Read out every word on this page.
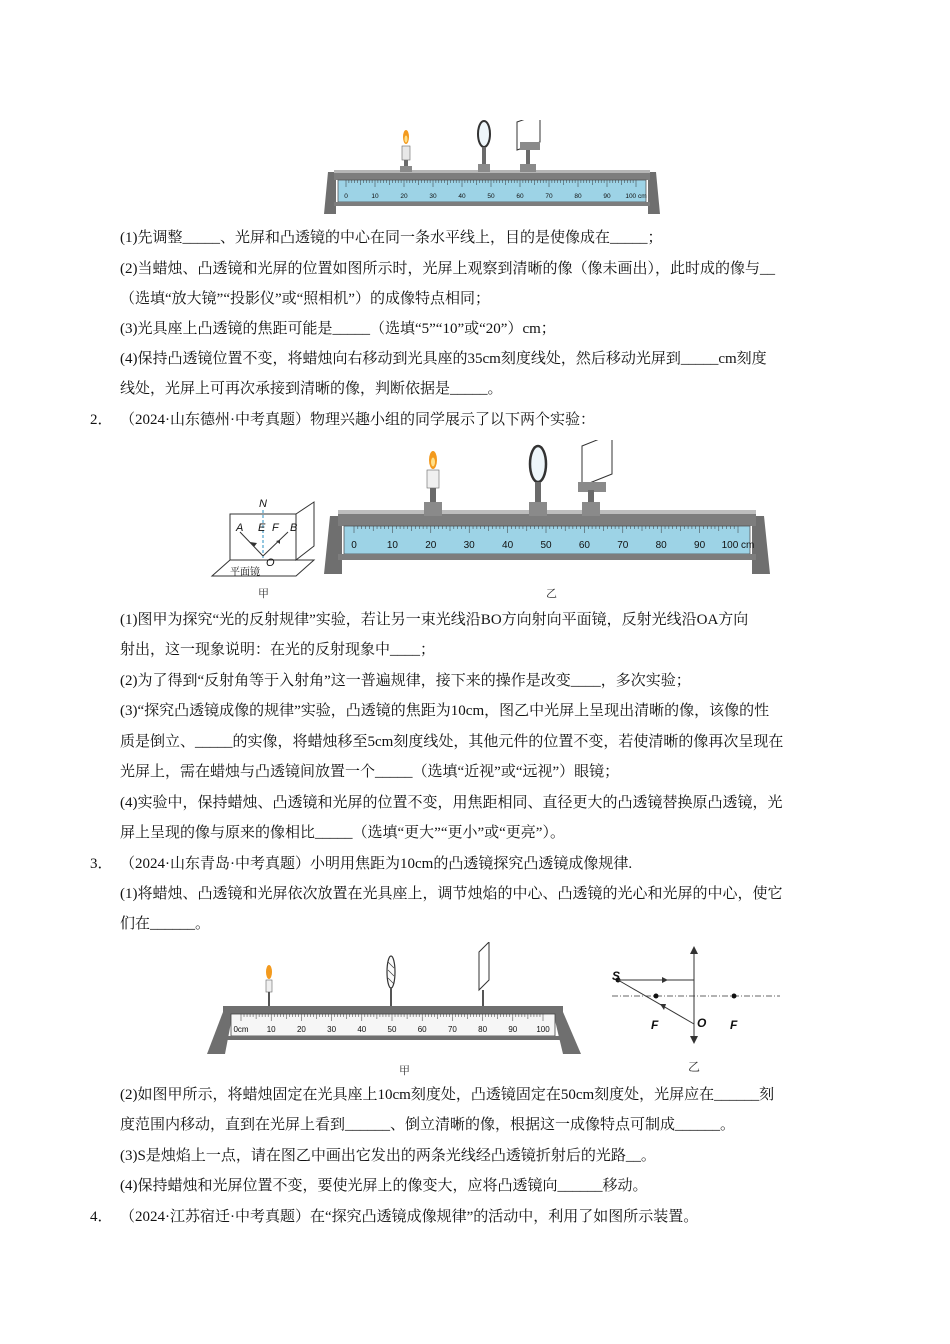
0	10	20	30	40	50	60	70	80	90 100 cm
(1)先调整_____、光屏和凸透镜的中心在同一条水平线上，目的是使像成在_____；
(2)当蜡烛、凸透镜和光屏的位置如图所示时，光屏上观察到清晰的像（像未画出），此时成的像与__
（选填“放大镜”“投影仪”或“照相机”）的成像特点相同；
(3)光具座上凸透镜的焦距可能是_____（选填“5”“10”或“20”）cm；
(4)保持凸透镜位置不变，将蜡烛向右移动到光具座的35cm刻度线处，然后移动光屏到_____cm刻度
线处，光屏上可再次承接到清晰的像，判断依据是_____。
2． （2024·山东德州·中考真题）物理兴趣小组的同学展示了以下两个实验：
N
A E F B
O
平面镜
甲
0	10	20	30	40	50	60	70	80	90 100 cm
乙
(1)图甲为探究“光的反射规律”实验，若让另一束光线沿BO方向射向平面镜，反射光线沿OA方向
射出，这一现象说明：在光的反射现象中____；
(2)为了得到“反射角等于入射角”这一普遍规律，接下来的操作是改变____，多次实验；
(3)“探究凸透镜成像的规律”实验，凸透镜的焦距为10cm，图乙中光屏上呈现出清晰的像，该像的性
质是倒立、_____的实像，将蜡烛移至5cm刻度线处，其他元件的位置不变，若使清晰的像再次呈现在
光屏上，需在蜡烛与凸透镜间放置一个_____（选填“近视”或“远视”）眼镜；
(4)实验中，保持蜡烛、凸透镜和光屏的位置不变，用焦距相同、直径更大的凸透镜替换原凸透镜，光
屏上呈现的像与原来的像相比_____（选填“更大”“更小”或“更亮”）。
3． （2024·山东青岛·中考真题）小明用焦距为10cm的凸透镜探究凸透镜成像规律.
(1)将蜡烛、凸透镜和光屏依次放置在光具座上，调节烛焰的中心、凸透镜的光心和光屏的中心，使它
们在______。
0cm 10	20	30	40	50	60	70	80	90 100
甲
S
F	O F
乙
(2)如图甲所示，将蜡烛固定在光具座上10cm刻度处，凸透镜固定在50cm刻度处，光屏应在______刻
度范围内移动，直到在光屏上看到______、倒立清晰的像，根据这一成像特点可制成______。
(3)S是烛焰上一点，请在图乙中画出它发出的两条光线经凸透镜折射后的光路__。
(4)保持蜡烛和光屏位置不变，要使光屏上的像变大，应将凸透镜向______移动。
4． （2024·江苏宿迁·中考真题）在“探究凸透镜成像规律”的活动中，利用了如图所示装置。
